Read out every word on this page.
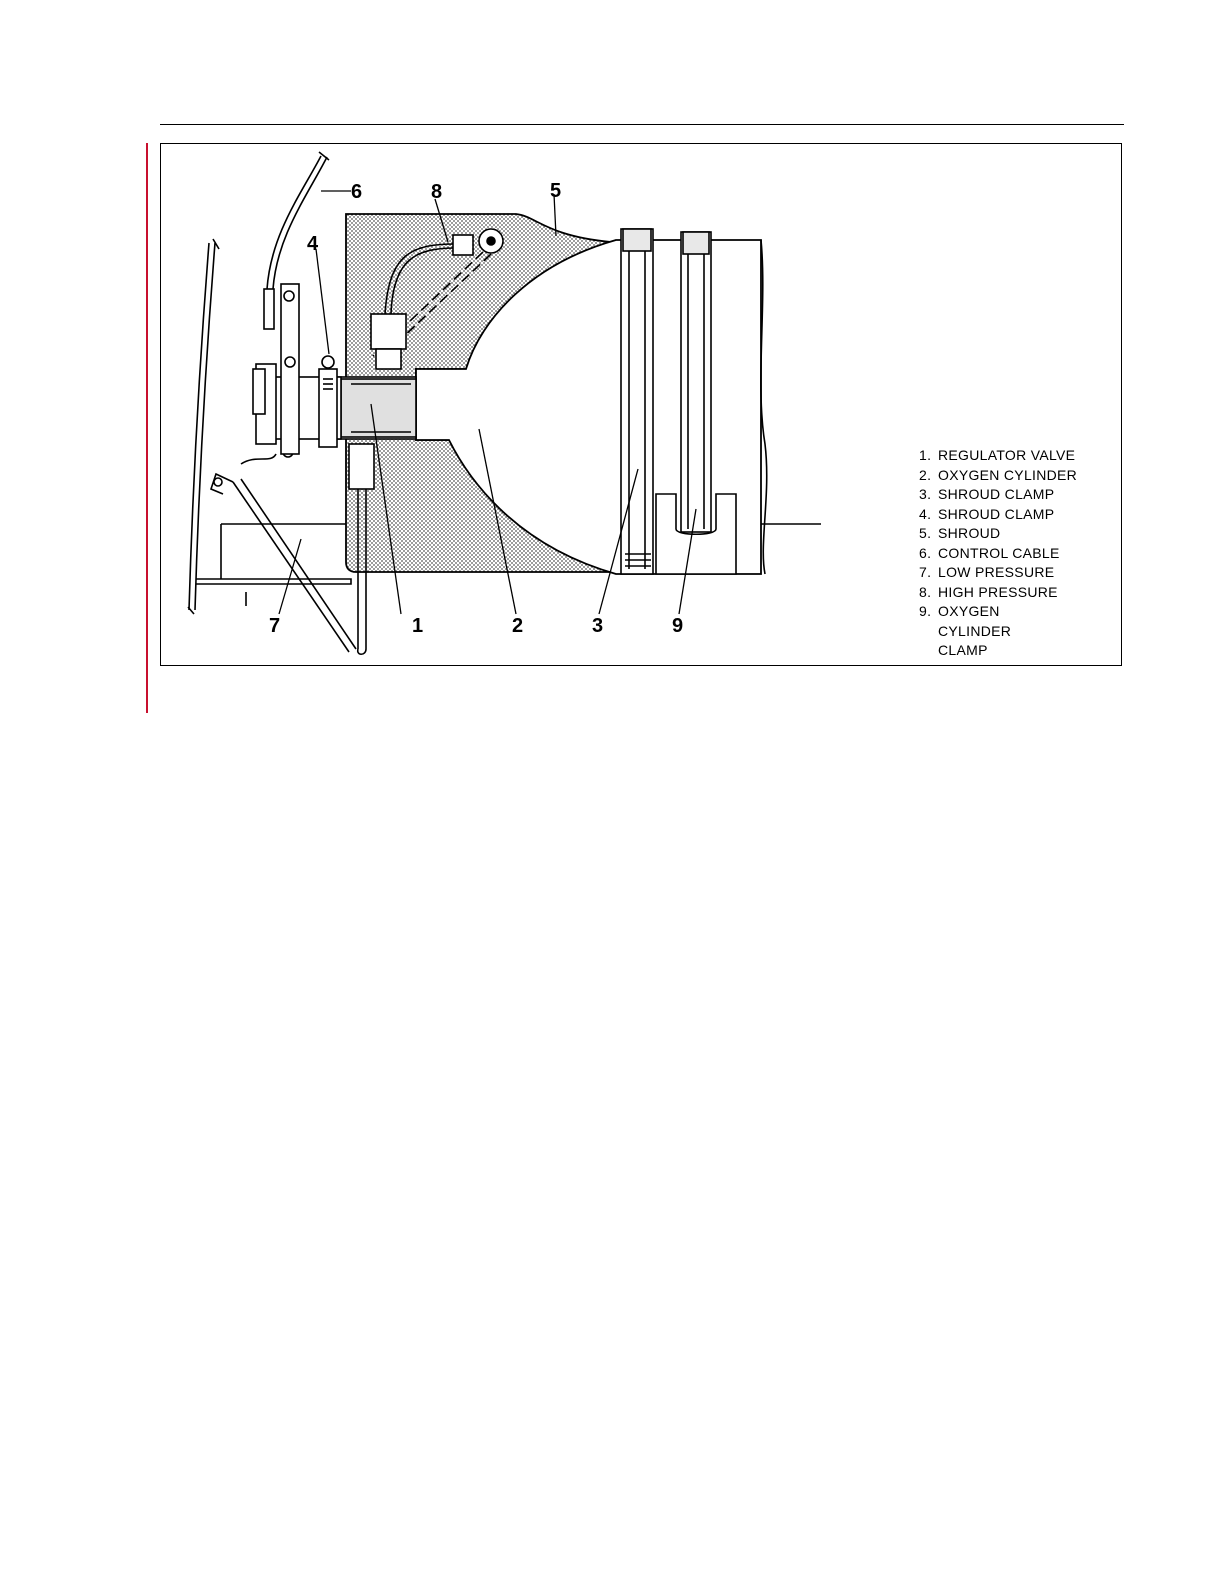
1	2	3
4
5
6
7
8
9
1. REGULATOR VALVE
2. OXYGEN CYLINDER
3. SHROUD CLAMP
4. SHROUD CLAMP
5. SHROUD
6. CONTROL CABLE
7. LOW PRESSURE
8. HIGH PRESSURE
9. OXYGEN
CYLINDER
CLAMP
